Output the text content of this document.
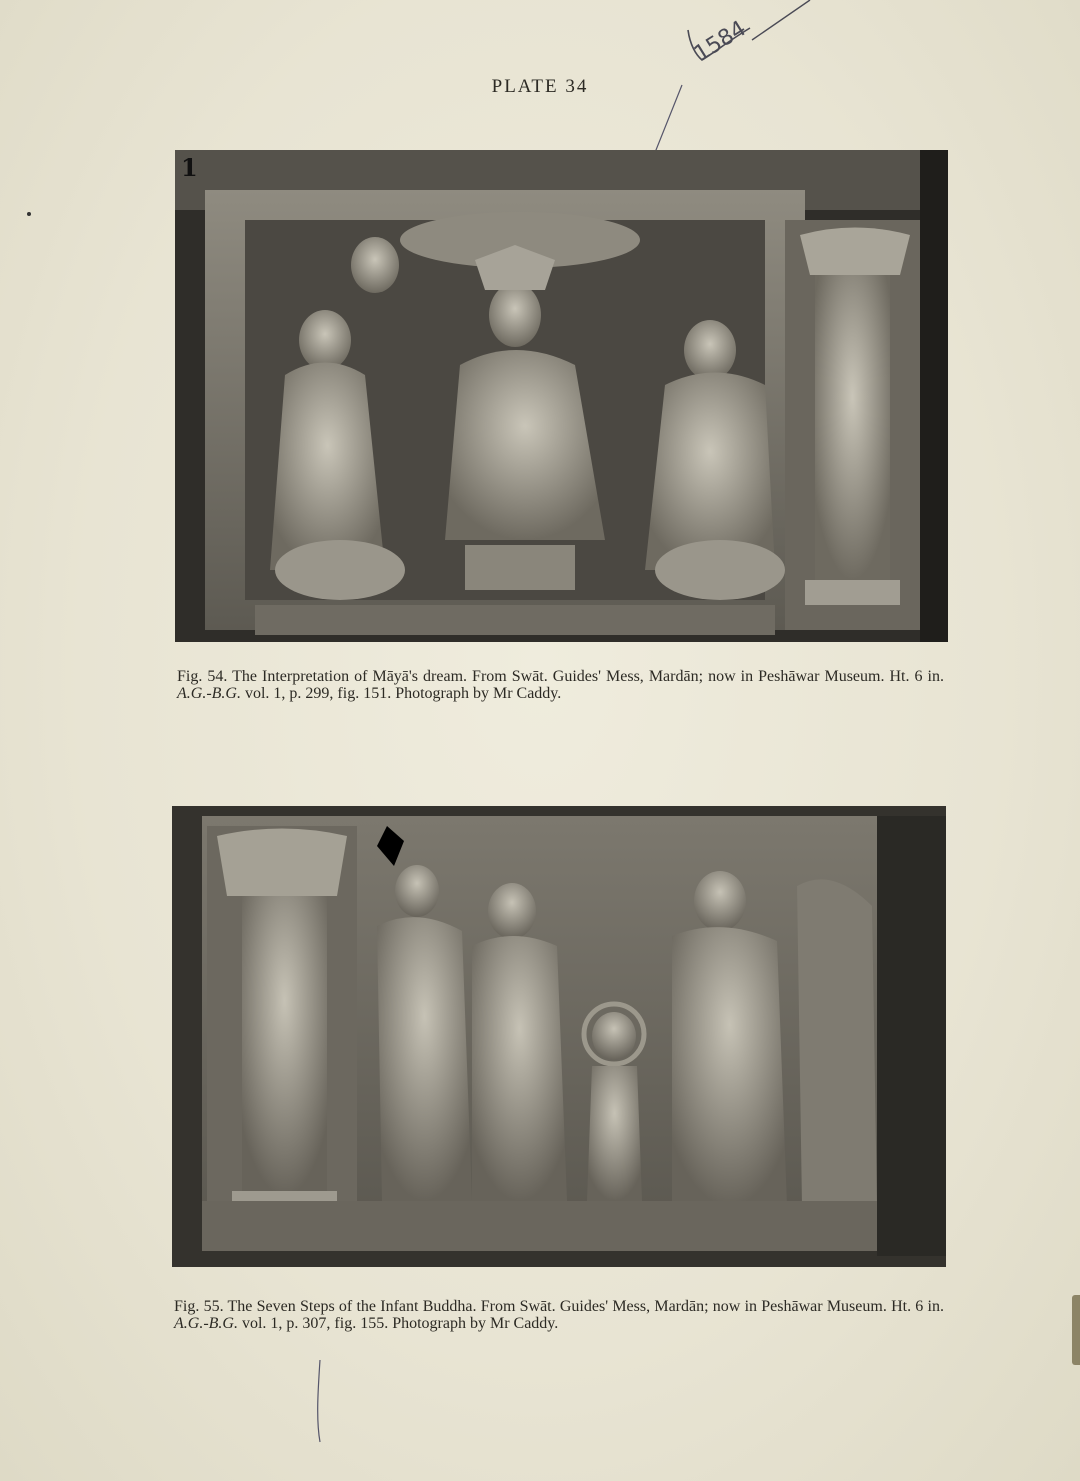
1584
PLATE 34
1
Fig. 54. The Interpretation of Māyā's dream. From Swāt. Guides' Mess, Mardān; now in Peshāwar Museum. Ht. 6 in. A.G.-B.G. vol. 1, p. 299, fig. 151. Photograph by Mr Caddy.
Fig. 55. The Seven Steps of the Infant Buddha. From Swāt. Guides' Mess, Mardān; now in Peshāwar Museum. Ht. 6 in. A.G.-B.G. vol. 1, p. 307, fig. 155. Photograph by Mr Caddy.
